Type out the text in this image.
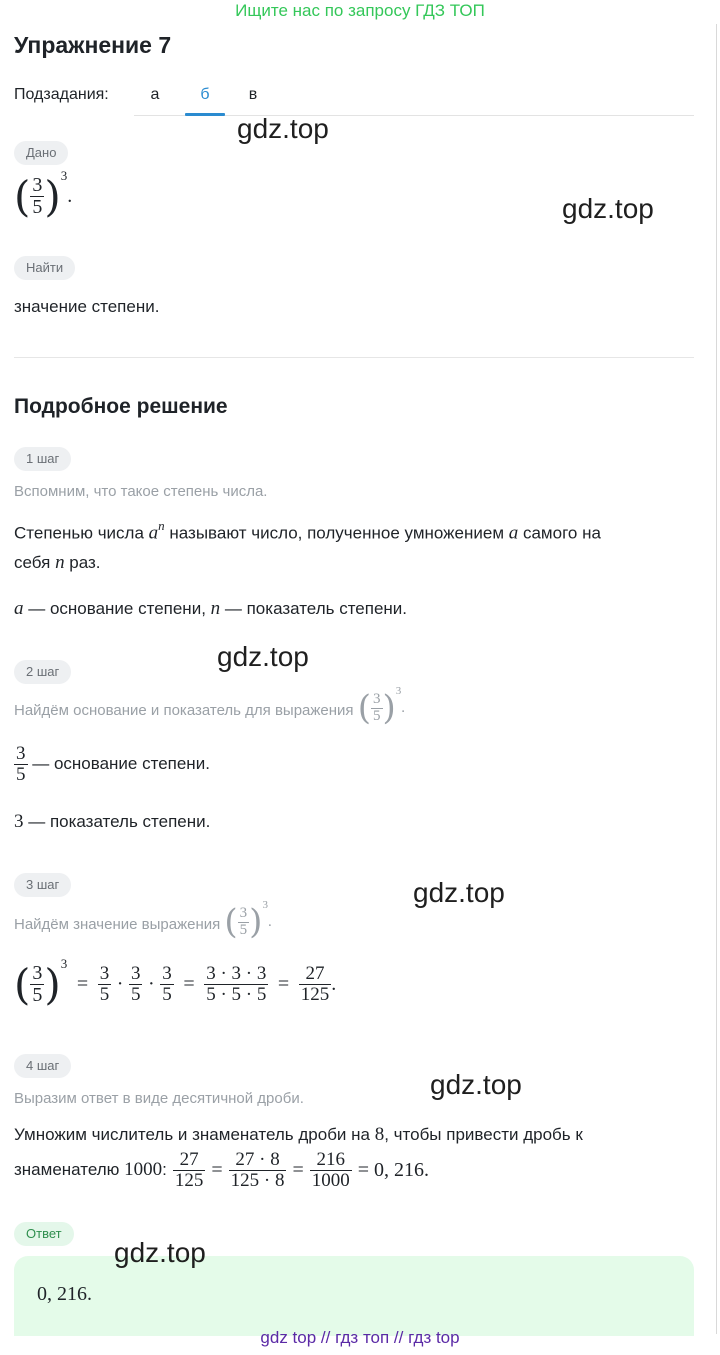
Ищите нас по запросу ГДЗ ТОП
Упражнение 7
Подзадания:	а	б	в
gdz.top
gdz.top
Дано
( $\frac{3}{5} )^3$.
Найти
значение степени.
Подробное решение
1 шаг
Вспомним, что такое степень числа.
Степенью числа $a^n$ называют число, полученное умножением a самого на
себя n раз.
a — основание степени, n — показатель степени.
gdz.top
2 шаг
Найдём основание и показатель для выражения ( $\frac{3}{5} )^3$.
$\frac{3}{5}$ — основание степени.
3 — показатель степени.
gdz.top
3 шаг
Найдём значение выражения ( $\frac{3}{5} )^3$.
( $\frac{3}{5} )^3 = \frac{3}{5} \cdot \frac{3}{5} \cdot \frac{3}{5} = \frac{3 \cdot 3 \cdot 3}{5 \cdot 5 \cdot 5} = \frac{27}{125}$ .
4 шаг
gdz.top
Выразим ответ в виде десятичной дроби.
Умножим числитель и знаменатель дроби на 8, чтобы привести дробь к
знаменателю 1000: $\frac{27}{125} = \frac{27 \cdot 8}{125 \cdot 8} = \frac{216}{1000} = 0$, 216.
Ответ
gdz.top
0, 216.
gdz top // гдз топ // гдз top
